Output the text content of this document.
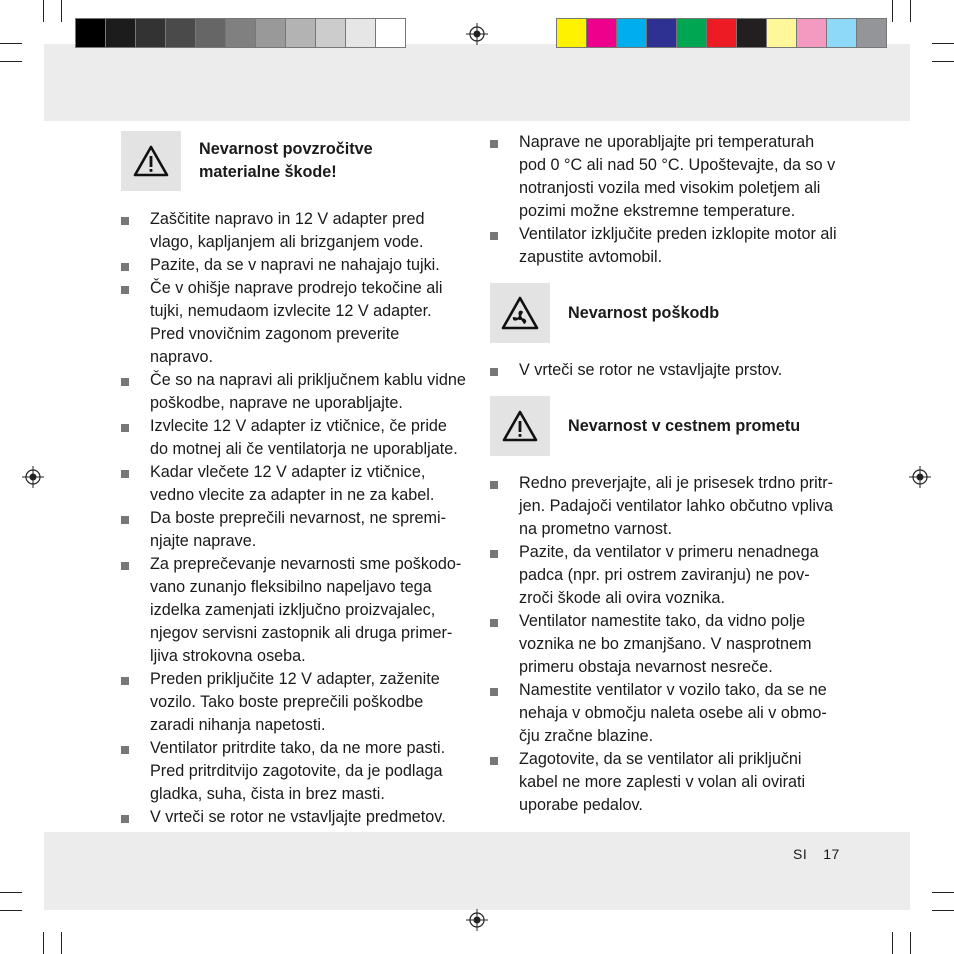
Nevarnost povzročitve
materialne škode!
Zaščitite napravo in 12 V adapter pred vlago, kapljanjem ali brizganjem vode.
Pazite, da se v napravi ne nahajajo tujki.
Če v ohišje naprave prodrejo tekočine ali tujki, nemudaom izvlecite 12 V adapter. Pred vnovičnim zagonom preverite napravo.
Če so na napravi ali priključnem kablu vidne poškodbe, naprave ne uporabljajte.
Izvlecite 12 V adapter iz vtičnice, če pride do motnej ali če ventilatorja ne uporabljate.
Kadar vlečete 12 V adapter iz vtičnice, vedno vlecite za adapter in ne za kabel.
Da boste preprečili nevarnost, ne spremi- njajte naprave.
Za preprečevanje nevarnosti sme poškodo- vano zunanjo fleksibilno napeljavo tega izdelka zamenjati izključno proizvajalec, njegov servisni zastopnik ali druga primer- ljiva strokovna oseba.
Preden priključite 12 V adapter, zaženite vozilo. Tako boste preprečili poškodbe zaradi nihanja napetosti.
Ventilator pritrdite tako, da ne more pasti. Pred pritrditvijo zagotovite, da je podlaga gladka, suha, čista in brez masti.
V vrteči se rotor ne vstavljajte predmetov.
Naprave ne uporabljajte pri temperaturah pod 0 °C ali nad 50 °C. Upoštevajte, da so v notranjosti vozila med visokim poletjem ali pozimi možne ekstremne temperature.
Ventilator izključite preden izklopite motor ali zapustite avtomobil.
Nevarnost poškodb
V vrteči se rotor ne vstavljajte prstov.
Nevarnost v cestnem prometu
Redno preverjajte, ali je prisesek trdno pritr- jen. Padajoči ventilator lahko občutno vpliva na prometno varnost.
Pazite, da ventilator v primeru nenadnega padca (npr. pri ostrem zaviranju) ne pov- zroči škode ali ovira voznika.
Ventilator namestite tako, da vidno polje voznika ne bo zmanjšano. V nasprotnem primeru obstaja nevarnost nesreče.
Namestite ventilator v vozilo tako, da se ne nehaja v območju naleta osebe ali v obmo- čju zračne blazine.
Zagotovite, da se ventilator ali priključni kabel ne more zaplesti v volan ali ovirati uporabe pedalov.
SI 17
